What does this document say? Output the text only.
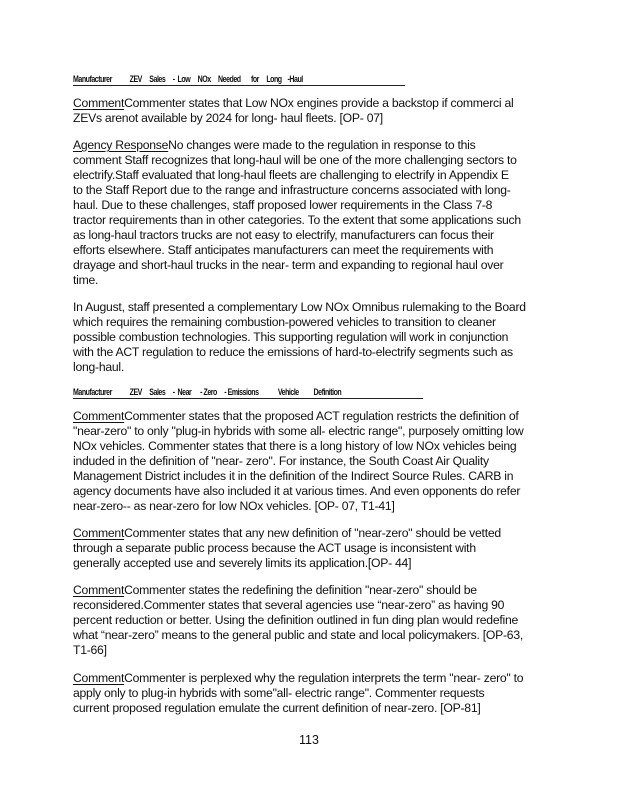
Manufacturer            ZEV     Sales     -  Low     NOx     Needed       for     Long    -Haul
Manufacturer            ZEV     Sales     -  Near      - Zero     - Emissions             Vehicle          Definition
CommentCommenter states that Low NOx engines provide a backstop if commerci al
ZEVs arenot available by 2024 for long- haul fleets. [OP- 07]
Agency ResponseNo changes were made to the regulation in response to this
comment Staff recognizes that long-haul will be one of the more challenging sectors to
electrify.Staff evaluated that long-haul fleets are challenging to electrify in Appendix E
to the Staff Report due to the range and infrastructure concerns associated with long-
haul. Due to these challenges, staff proposed lower requirements in the Class 7-8
tractor requirements than in other categories. To the extent that some applications such
as long-haul tractors trucks are not easy to electrify, manufacturers can focus their
efforts elsewhere. Staff anticipates manufacturers can meet the requirements with
drayage and short-haul trucks in the near- term and expanding to regional haul over
time.
In August, staff presented a complementary Low NOx Omnibus rulemaking to the Board
which requires the remaining combustion-powered vehicles to transition to cleaner
possible combustion technologies. This supporting regulation will work in conjunction
with the ACT regulation to reduce the emissions of hard-to-electrify segments such as
long-haul.
CommentCommenter states that the proposed ACT regulation restricts the definition of
"near-zero" to only "plug-in hybrids with some all- electric range", purposely omitting low
NOx vehicles. Commenter states that there is a long history of low NOx vehicles being
induded in the definition of "near- zero". For instance, the South Coast Air Quality
Management District includes it in the definition of the Indirect Source Rules. CARB in
agency documents have also included it at various times. And even opponents do refer
near-zero-- as near-zero for low NOx vehicles. [OP- 07, T1-41]
CommentCommenter states that any new definition of "near-zero" should be vetted
through a separate public process because the ACT usage is inconsistent with
generally accepted use and severely limits its application.[OP- 44]
CommentCommenter states the redefining the definition "near-zero" should be
reconsidered.Commenter states that several agencies use “near-zero” as having 90
percent reduction or better. Using the definition outlined in fun ding plan would redefine
what “near-zero” means to the general public and state and local policymakers. [OP-63,
T1-66]
CommentCommenter is perplexed why the regulation interprets the term "near- zero" to
apply only to plug-in hybrids with some"all- electric range". Commenter requests
current proposed regulation emulate the current definition of near-zero. [OP-81]
113
